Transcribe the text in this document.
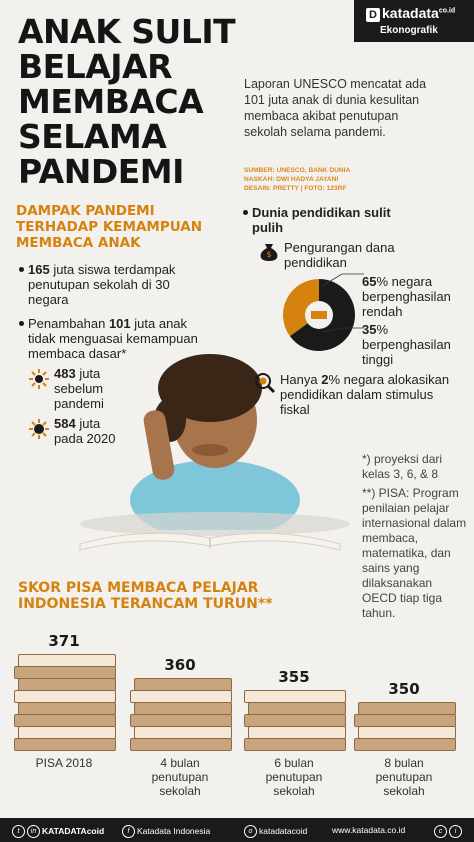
ANAK SULIT
BELAJAR
MEMBACA
SELAMA
PANDEMI
D katadata$^{co.id}$
Ekonografik
Laporan UNESCO mencatat ada 101 juta anak di dunia kesulitan membaca akibat penutupan sekolah selama pandemi.
SUMBER: UNESCO, BANK DUNIA
NASKAH: DWI HADYA JAYANI
DESAIN: PRETTY | FOTO: 123RF
DAMPAK PANDEMI TERHADAP KEMAMPUAN MEMBACA ANAK
165 juta siswa terdampak penutupan sekolah di 30 negara
Penambahan 101 juta anak tidak menguasai kemampuan membaca dasar*
483 juta sebelum pandemi
584 juta pada 2020
Dunia pendidikan sulit pulih
$ Pengurangan dana pendidikan
65% negara berpenghasilan rendah
35% berpenghasilan tinggi
Hanya 2% negara alokasikan pendidikan dalam stimulus fiskal
*) proyeksi dari kelas 3, 6, & 8
**) PISA: Program penilaian pelajar internasional dalam membaca, matematika, dan sains yang dilaksanakan OECD tiap tiga tahun.
SKOR PISA MEMBACA PELAJAR INDONESIA TERANCAM TURUN**
371
PISA 2018
360
4 bulan
penutupan
sekolah
355
6 bulan
penutupan
sekolah
350
8 bulan
penutupan
sekolah
t in KATADATAcoid	f Katadata Indonesia	o katadatacoid	www.katadata.co.id	c i
